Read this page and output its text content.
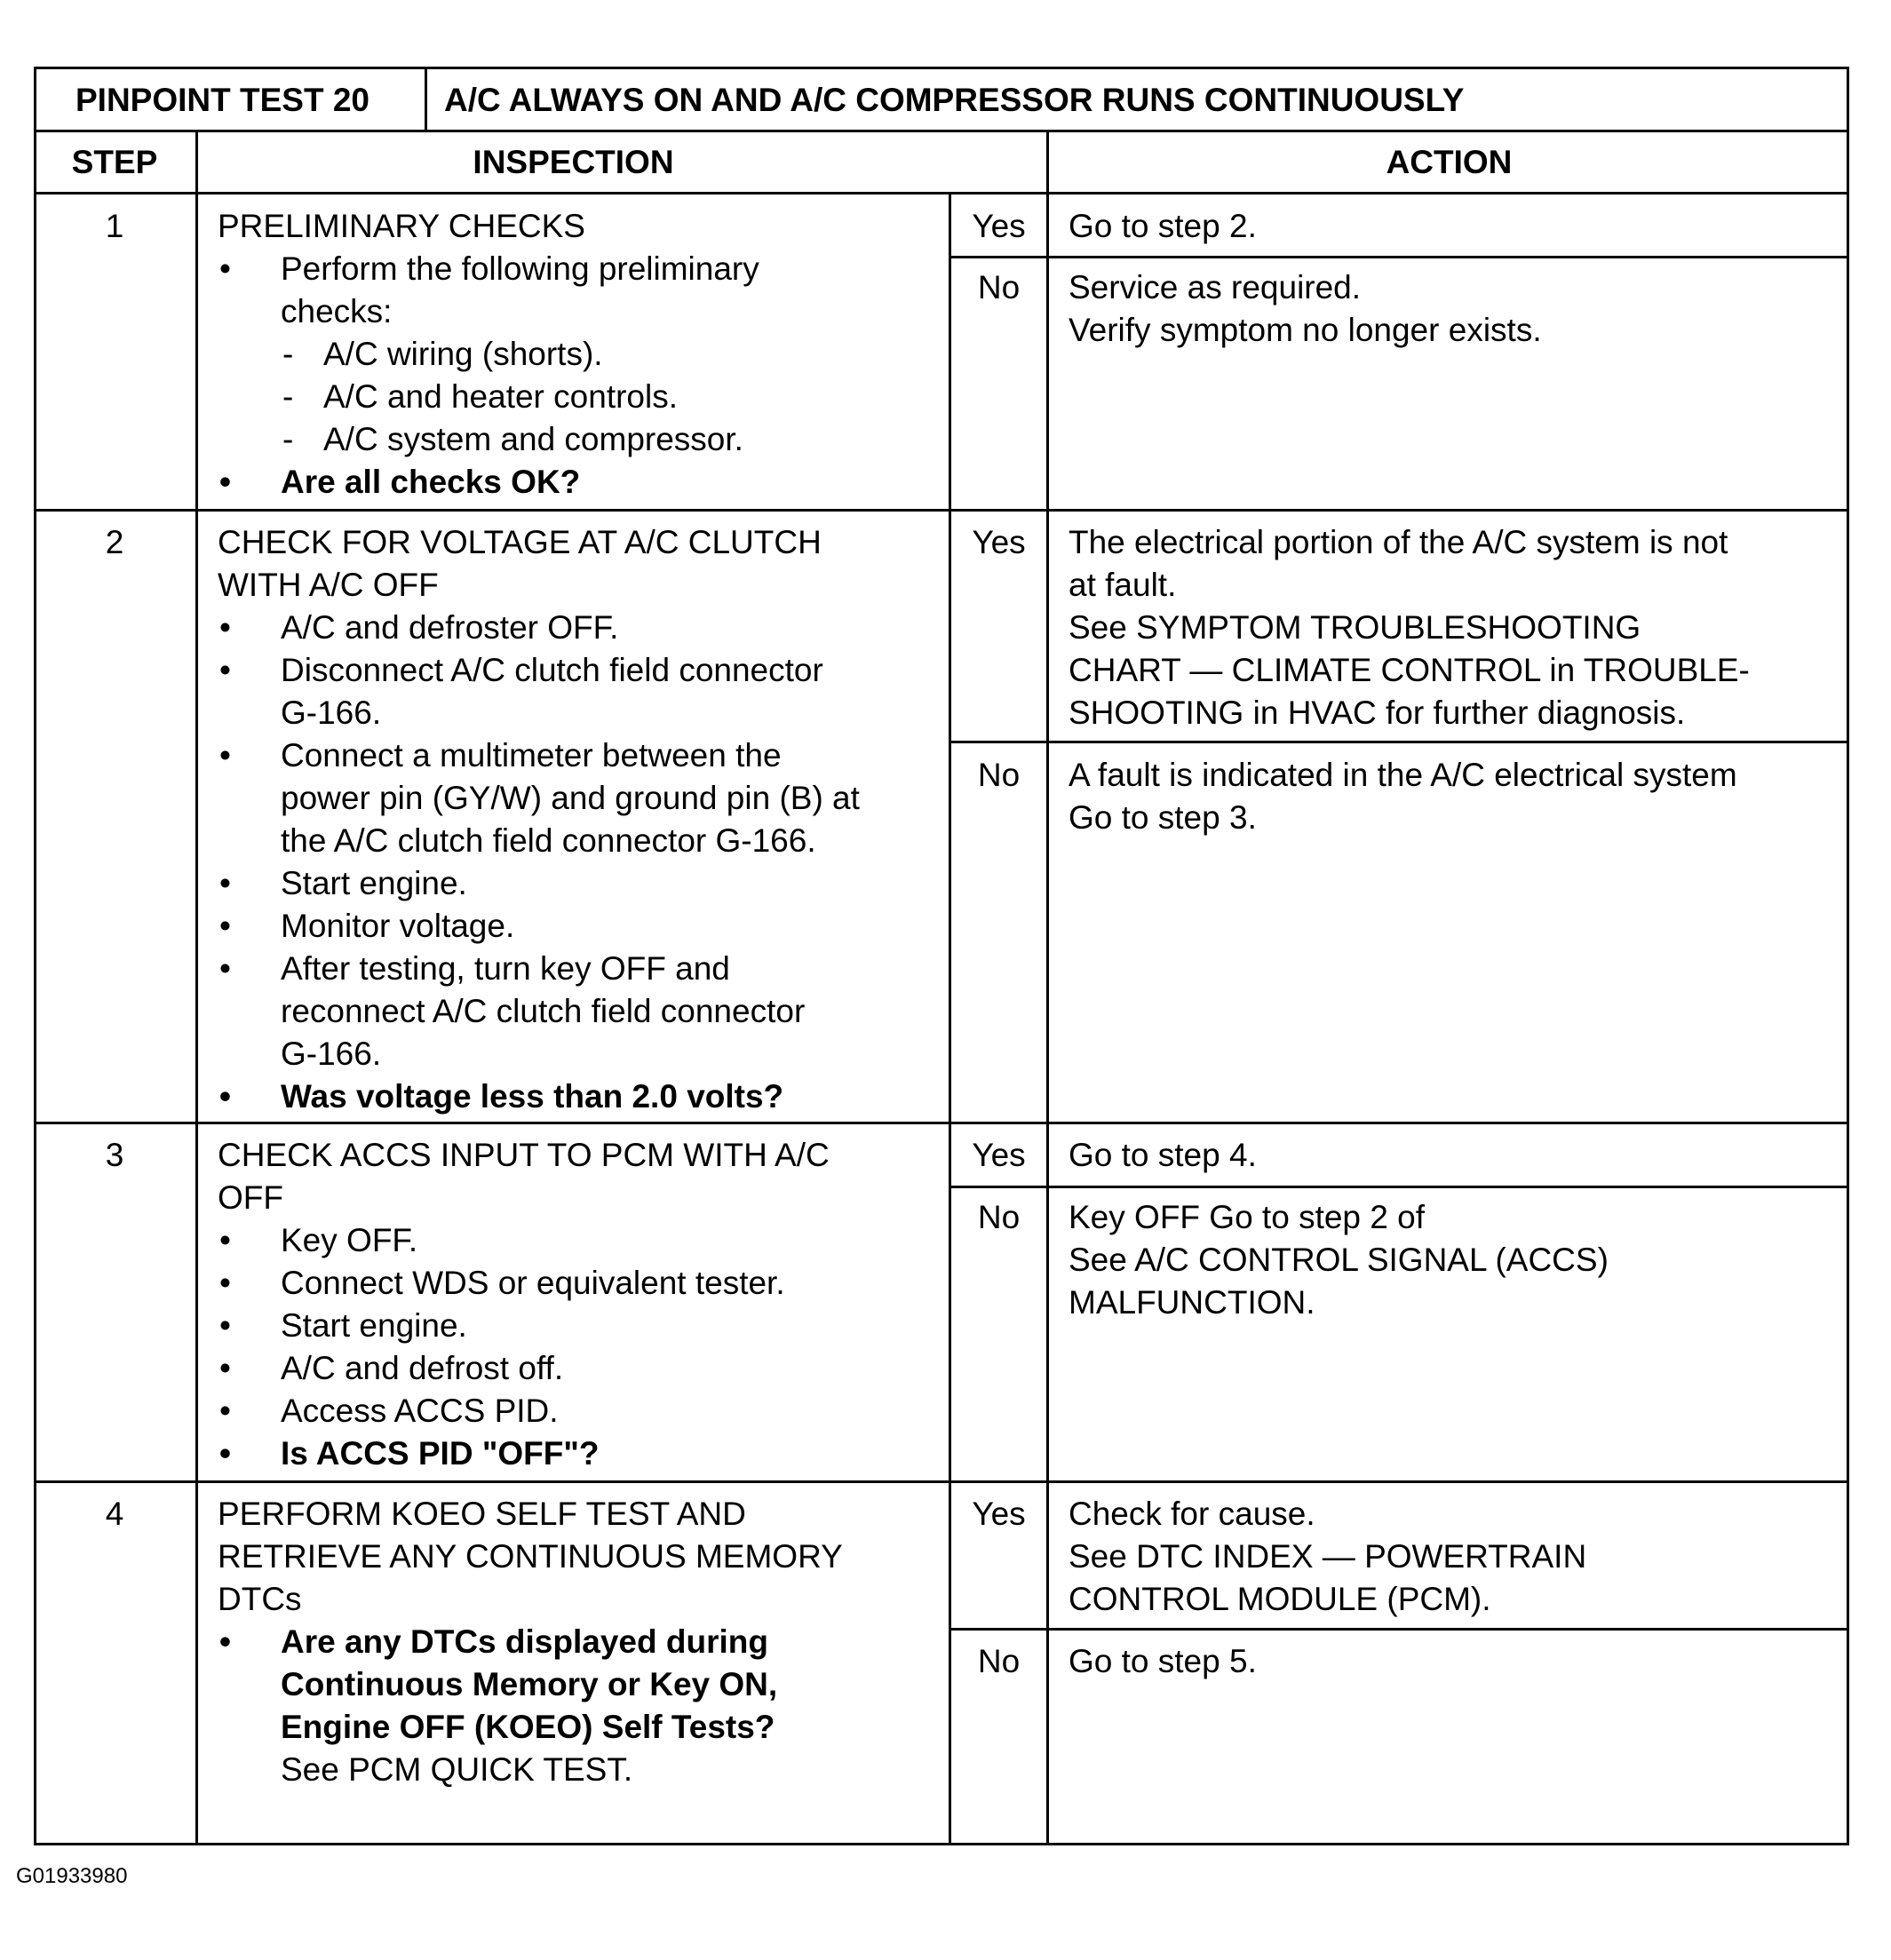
PINPOINT TEST 20 A/C ALWAYS ON AND A/C COMPRESSOR RUNS CONTINUOUSLY
STEP	INSPECTION	ACTION
1	PRELIMINARY CHECKS
• Perform the following preliminary
checks:
- A/C wiring (shorts).
- A/C and heater controls.
- A/C system and compressor.
• Are all checks OK?
Yes	Go to step 2.
No	Service as required.
Verify symptom no longer exists.
2	CHECK FOR VOLTAGE AT A/C CLUTCH
WITH A/C OFF
• A/C and defroster OFF.
• Disconnect A/C clutch field connector
G-166.
• Connect a multimeter between the
power pin (GY/W) and ground pin (B) at
the A/C clutch field connector G-166.
• Start engine.
• Monitor voltage.
• After testing, turn key OFF and
reconnect A/C clutch field connector
G-166.
• Was voltage less than 2.0 volts?
Yes	The electrical portion of the A/C system is not
at fault.
See SYMPTOM TROUBLESHOOTING
CHART — CLIMATE CONTROL in TROUBLE-
SHOOTING in HVAC for further diagnosis.
No	A fault is indicated in the A/C electrical system
Go to step 3.
3	CHECK ACCS INPUT TO PCM WITH A/C
OFF
• Key OFF.
• Connect WDS or equivalent tester.
• Start engine.
• A/C and defrost off.
• Access ACCS PID.
• Is ACCS PID "OFF"?
Yes	Go to step 4.
No	Key OFF Go to step 2 of
See A/C CONTROL SIGNAL (ACCS)
MALFUNCTION.
4	PERFORM KOEO SELF TEST AND
RETRIEVE ANY CONTINUOUS MEMORY
DTCs
• Are any DTCs displayed during
Continuous Memory or Key ON,
Engine OFF (KOEO) Self Tests?
See PCM QUICK TEST.
Yes	Check for cause.
See DTC INDEX — POWERTRAIN
CONTROL MODULE (PCM).
No	Go to step 5.
G01933980
